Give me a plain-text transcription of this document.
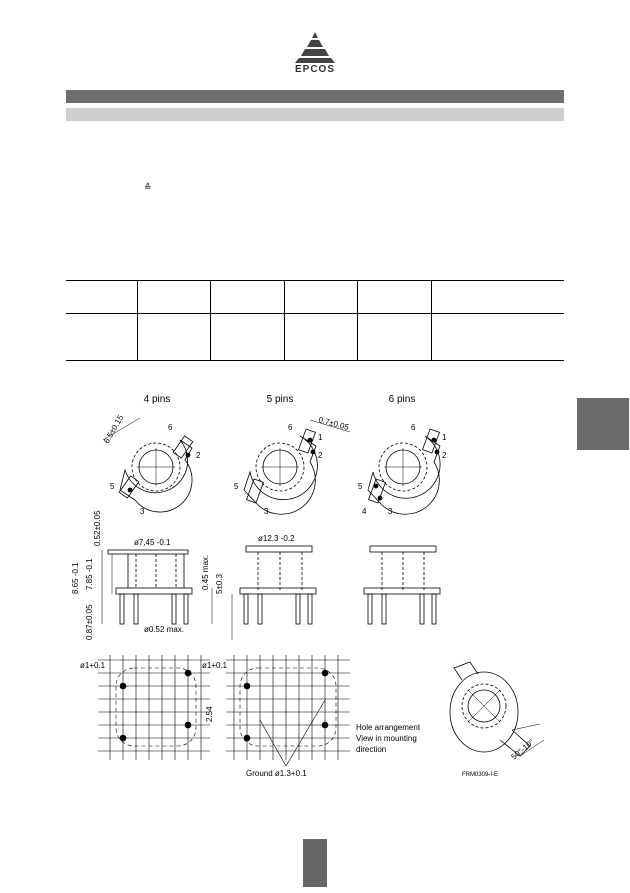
EPCOS
≙
4 pins	5 pins	6 pins
6.5±0.15	6
2
5
3
0.7±0.05
6
1
2
5
3
6
1
2
5
4	3
0.52±0.05	ø7,45 -0.1
8.65 -0.1 7.85 -0.1	0.45 max. 5±0.3
0.87±0.05	ø0.52 max.
ø12.3 -0.2
ø1+0.1
2.54
ø1+0.1
Ground ø1.3+0.1
Hole arrangement
View in mounting
direction	50°-10°
FRM0309-I-E
